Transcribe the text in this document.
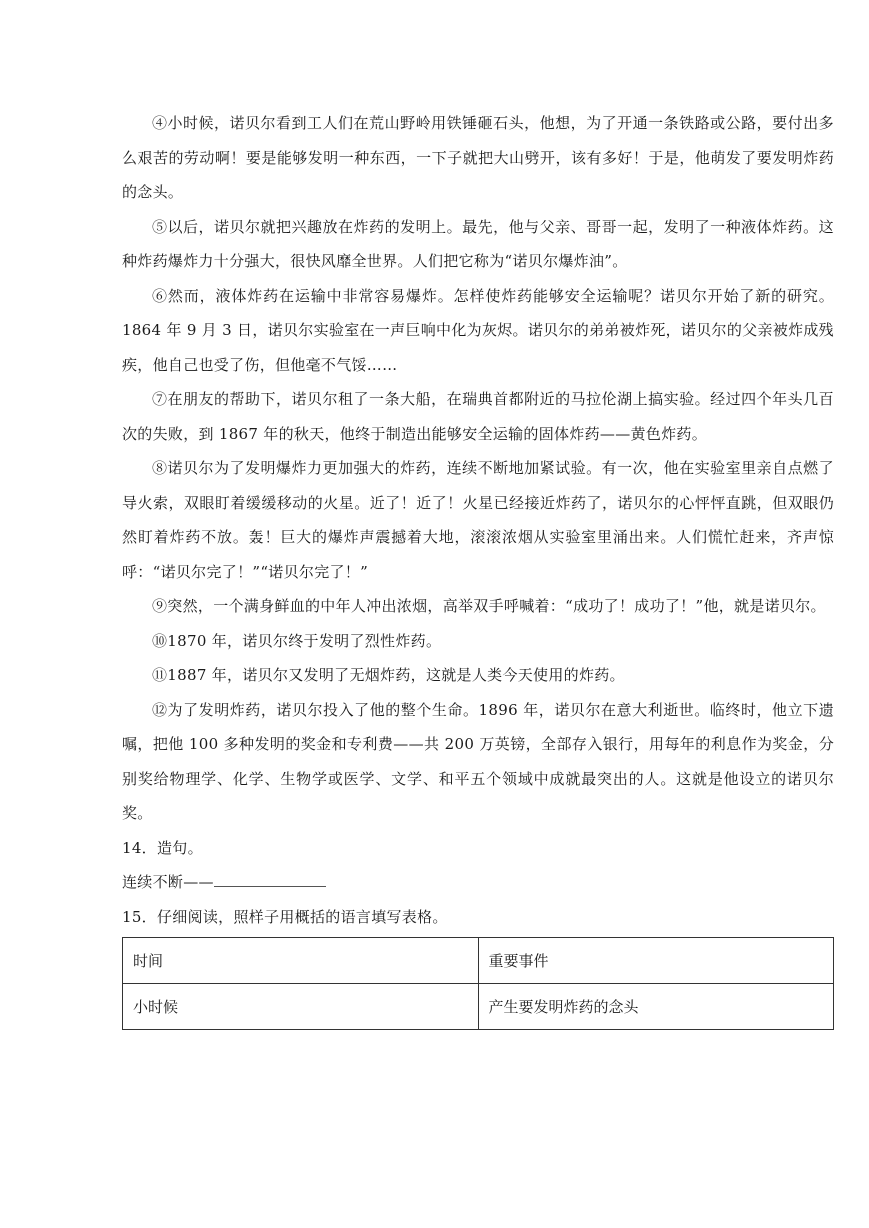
④小时候，诺贝尔看到工人们在荒山野岭用铁锤砸石头，他想，为了开通一条铁路或公路，要付出多么艰苦的劳动啊！要是能够发明一种东西，一下子就把大山劈开，该有多好！于是，他萌发了要发明炸药的念头。

⑤以后，诺贝尔就把兴趣放在炸药的发明上。最先，他与父亲、哥哥一起，发明了一种液体炸药。这种炸药爆炸力十分强大，很快风靡全世界。人们把它称为“诺贝尔爆炸油”。

⑥然而，液体炸药在运输中非常容易爆炸。怎样使炸药能够安全运输呢？诺贝尔开始了新的研究。1864 年 9 月 3 日，诺贝尔实验室在一声巨响中化为灰烬。诺贝尔的弟弟被炸死，诺贝尔的父亲被炸成残疾，他自己也受了伤，但他毫不气馁……

⑦在朋友的帮助下，诺贝尔租了一条大船，在瑞典首都附近的马拉伦湖上搞实验。经过四个年头几百次的失败，到 1867 年的秋天，他终于制造出能够安全运输的固体炸药——黄色炸药。

⑧诺贝尔为了发明爆炸力更加强大的炸药，连续不断地加紧试验。有一次，他在实验室里亲自点燃了导火索，双眼盯着缓缓移动的火星。近了！近了！火星已经接近炸药了，诺贝尔的心怦怦直跳，但双眼仍然盯着炸药不放。轰！巨大的爆炸声震撼着大地，滚滚浓烟从实验室里涌出来。人们慌忙赶来，齐声惊呼：“诺贝尔完了！”“诺贝尔完了！”

⑨突然，一个满身鲜血的中年人冲出浓烟，高举双手呼喊着：“成功了！成功了！”他，就是诺贝尔。

⑩1870 年，诺贝尔终于发明了烈性炸药。

⑪1887 年，诺贝尔又发明了无烟炸药，这就是人类今天使用的炸药。

⑫为了发明炸药，诺贝尔投入了他的整个生命。1896 年，诺贝尔在意大利逝世。临终时，他立下遗嘱，把他 100 多种发明的奖金和专利费——共 200 万英镑，全部存入银行，用每年的利息作为奖金，分别奖给物理学、化学、生物学或医学、文学、和平五个领域中成就最突出的人。这就是他设立的诺贝尔奖。

14．造句。

连续不断——

15．仔细阅读，照样子用概括的语言填写表格。

时间	重要事件
小时候	产生要发明炸药的念头
